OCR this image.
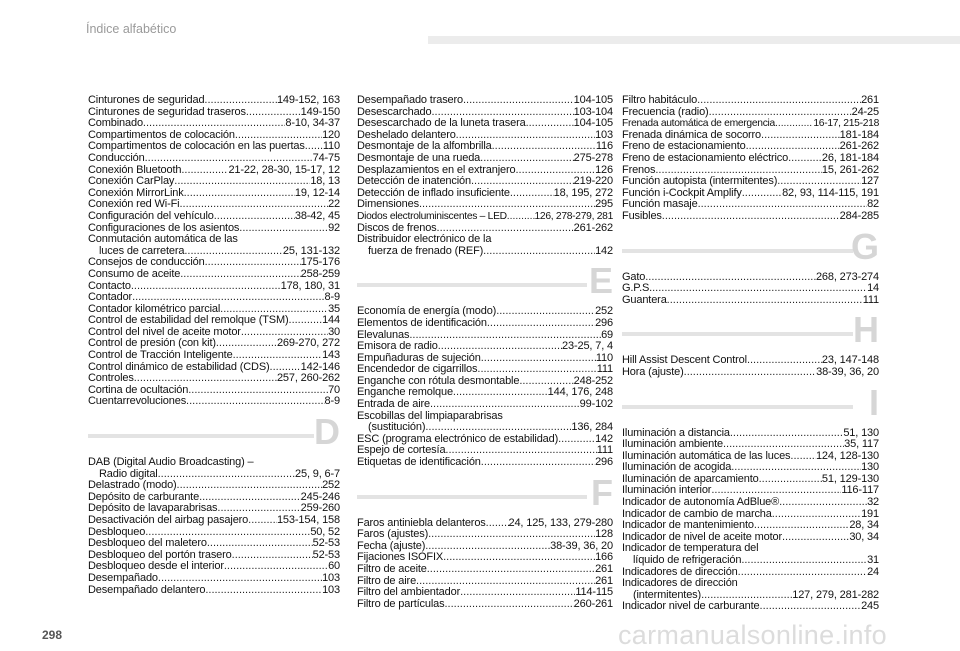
Índice alfabético
Cinturones de seguridad .....	149-152, 163
Cinturones de seguridad traseros .....	149-150
Combinado .....	8-10, 34-37
Compartimentos de colocación .....	120
Compartimentos de colocación en las puertas ..... 110
Conducción .....	74-75
Conexión Bluetooth .....	21-22, 28-30, 15-17, 12
Conexión CarPlay .....	18, 13
Conexión MirrorLink .....	19, 12-14
Conexión red Wi-Fi .....	22
Configuración del vehículo .....	38-42, 45
Configuraciones de los asientos .....	92
Conmutación automática de las
luces de carretera .....	25, 131-132
Consejos de conducción .....	175-176
Consumo de aceite .....	258-259
Contacto .....	178, 180, 31
Contador .....	8-9
Contador kilométrico parcial .....	35
Control de estabilidad del remolque (TSM) .....	144
Control del nivel de aceite motor .....	30
Control de presión (con kit) .....	269-270, 272
Control de Tracción Inteligente .....	143
Control dinámico de estabilidad (CDS) .....	142-146
Controles .....	257, 260-262
Cortina de ocultación .....	70
Cuentarrevoluciones .....	8-9
D
DAB (Digital Audio Broadcasting) –
Radio digital .....	25, 9, 6-7
Delastrado (modo) .....	252
Depósito de carburante .....	245-246
Depósito de lavaparabrisas .....	259-260
Desactivación del airbag pasajero .....	153-154, 158
Desbloqueo .....	50, 52
Desbloqueo del maletero .....	52-53
Desbloqueo del portón trasero .....	52-53
Desbloqueo desde el interior .....	60
Desempañado .....	103
Desempañado delantero .....	103
Desempañado trasero .....	104-105
Desescarchado .....	103-104
Desescarchado de la luneta trasera .....	104-105
Deshelado delantero .....	103
Desmontaje de la alfombrilla .....	116
Desmontaje de una rueda .....	275-278
Desplazamientos en el extranjero .....	126
Detección de inatención .....	219-220
Detección de inflado insuficiente .....	18, 195, 272
Dimensiones .....	295
Diodos electroluminiscentes – LED .....	126, 278-279, 281
Discos de frenos .....	261-262
Distribuidor electrónico de la
fuerza de frenado (REF) .....	142
E
Economía de energía (modo) .....	252
Elementos de identificación .....	296
Elevalunas .....	69
Emisora de radio .....	23-25, 7, 4
Empuñaduras de sujeción .....	110
Encendedor de cigarrillos .....	111
Enganche con rótula desmontable .....	248-252
Enganche remolque .....	144, 176, 248
Entrada de aire .....	99-102
Escobillas del limpiaparabrisas
(sustitución) .....	136, 284
ESC (programa electrónico de estabilidad) .....	142
Espejo de cortesía .....	111
Etiquetas de identificación .....	296
F
Faros antiniebla delanteros ..... 24, 125, 133, 279-280
Faros (ajustes) .....	128
Fecha (ajuste) .....	38-39, 36, 20
Fijaciones ISOFIX .....	166
Filtro de aceite .....	261
Filtro de aire .....	261
Filtro del ambientador .....	114-115
Filtro de partículas .....	260-261
Filtro habitáculo .....	261
Frecuencia (radio) .....	24-25
Frenada automática de emergencia .....	16-17, 215-218
Frenada dinámica de socorro .....	181-184
Freno de estacionamiento .....	261-262
Freno de estacionamiento eléctrico .....	26, 181-184
Frenos .....	15, 261-262
Función autopista (intermitentes) .....	127
Función i-Cockpit Amplify .....	82, 93, 114-115, 191
Función masaje .....	82
Fusibles .....	284-285
G
Gato .....	268, 273-274
G.P.S. .....	14
Guantera .....	111
H
Hill Assist Descent Control .....	23, 147-148
Hora (ajuste) .....	38-39, 36, 20
I
Iluminación a distancia .....	51, 130
Iluminación ambiente .....	35, 117
Iluminación automática de las luces ..... 124, 128-130
Iluminación de acogida .....	130
Iluminación de aparcamiento .....	51, 129-130
Iluminación interior .....	116-117
Indicador de autonomía AdBlue® .....	32
Indicador de cambio de marcha .....	191
Indicador de mantenimiento .....	28, 34
Indicador de nivel de aceite motor .....	30, 34
Indicador de temperatura del
líquido de refrigeración .....	31
Indicadores de dirección .....	24
Indicadores de dirección
(intermitentes) .....	127, 279, 281-282
Indicador nivel de carburante .....	245
298	carmanualsonline.info
